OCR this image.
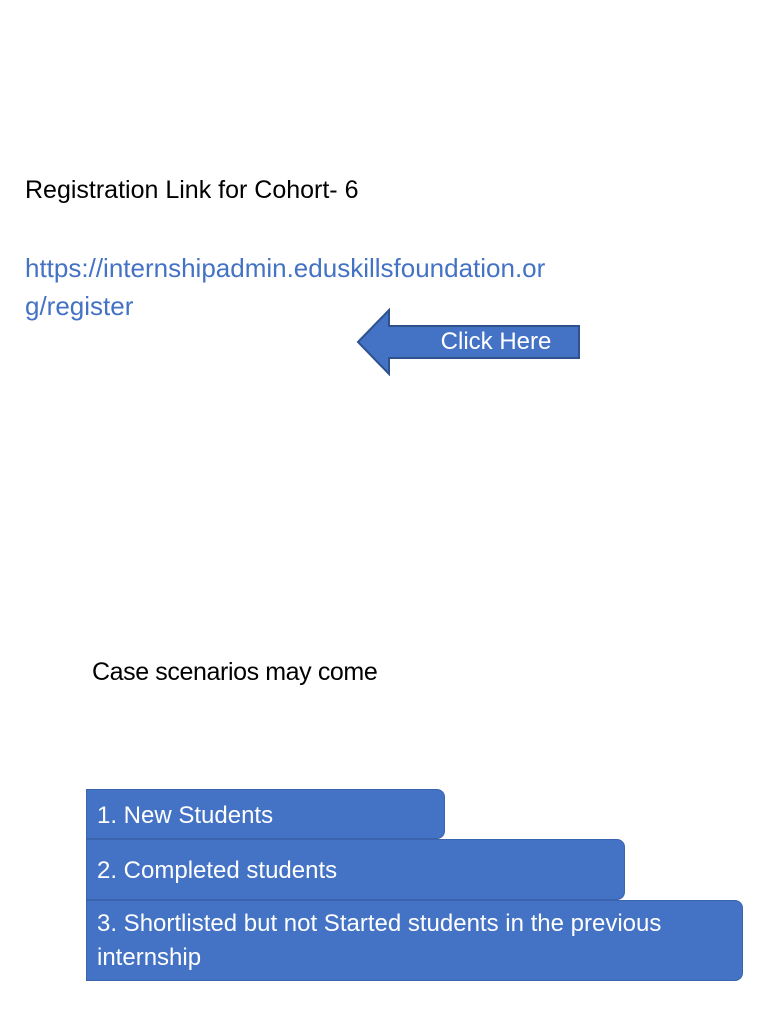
Registration Link for Cohort- 6
https://internshipadmin.eduskillsfoundation.org/register
Click Here
Case scenarios may come
1. New Students
2. Completed students
3. Shortlisted but not Started students in the previous internship
